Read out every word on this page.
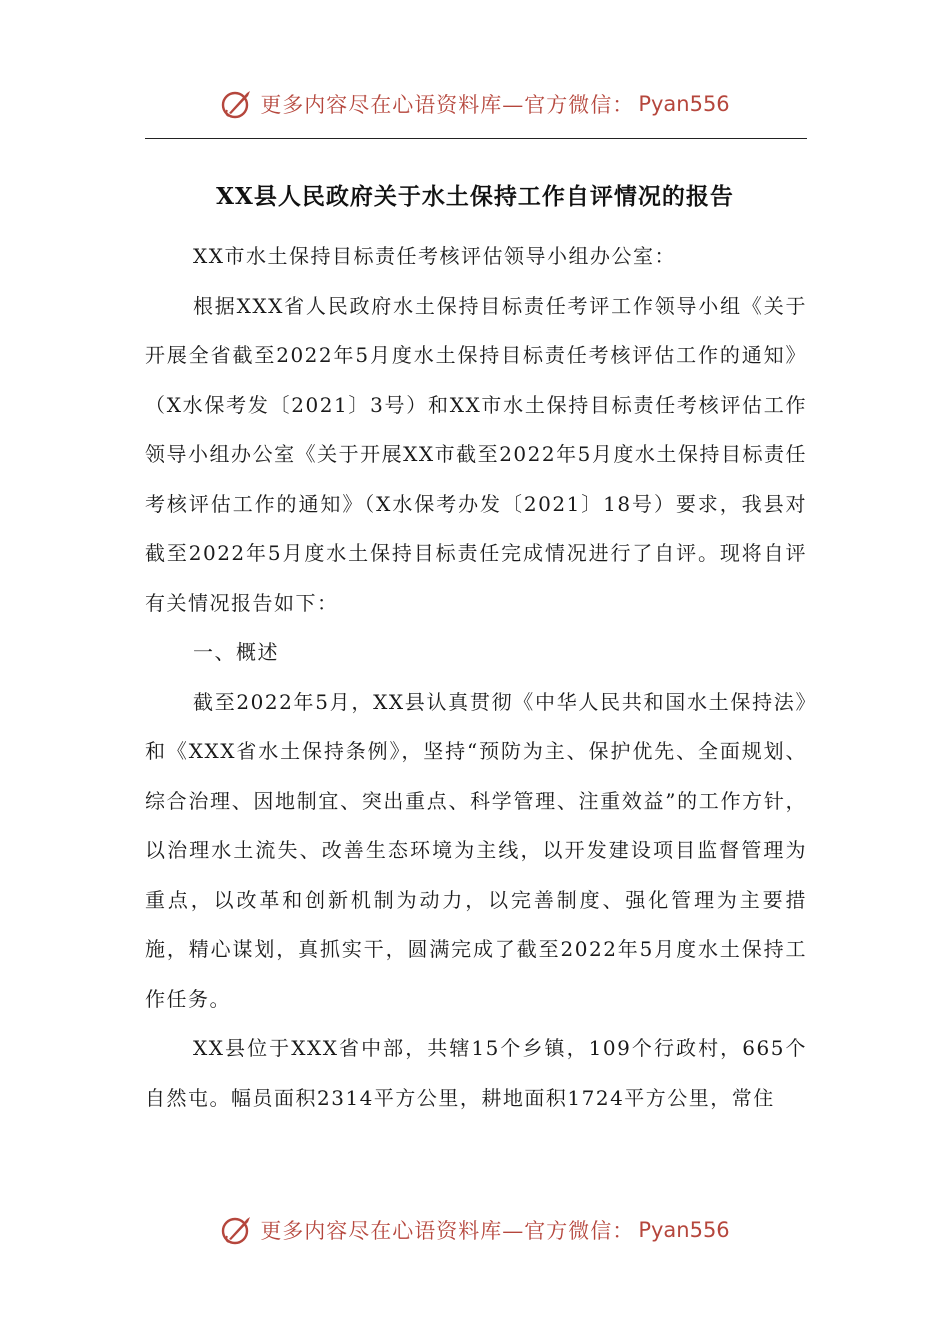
更多内容尽在心语资料库—官方微信： Pyan556
XX县人民政府关于水土保持工作自评情况的报告

XX市水土保持目标责任考核评估领导小组办公室：

根据XXX省人民政府水土保持目标责任考评工作领导小组《关于开展全省截至2022年5月度水土保持目标责任考核评估工作的通知》（X水保考发〔2021〕3号）和XX市水土保持目标责任考核评估工作领导小组办公室《关于开展XX市截至2022年5月度水土保持目标责任考核评估工作的通知》（X水保考办发〔2021〕18号）要求，我县对截至2022年5月度水土保持目标责任完成情况进行了自评。现将自评有关情况报告如下：

一、概述

截至2022年5月，XX县认真贯彻《中华人民共和国水土保持法》和《XXX省水土保持条例》，坚持“预防为主、保护优先、全面规划、综合治理、因地制宜、突出重点、科学管理、注重效益”的工作方针，以治理水土流失、改善生态环境为主线，以开发建设项目监督管理为重点，以改革和创新机制为动力，以完善制度、强化管理为主要措施，精心谋划，真抓实干，圆满完成了截至2022年5月度水土保持工作任务。

XX县位于XXX省中部，共辖15个乡镇，109个行政村，665个自然屯。幅员面积2314平方公里，耕地面积1724平方公里，常住

更多内容尽在心语资料库—官方微信： Pyan556
